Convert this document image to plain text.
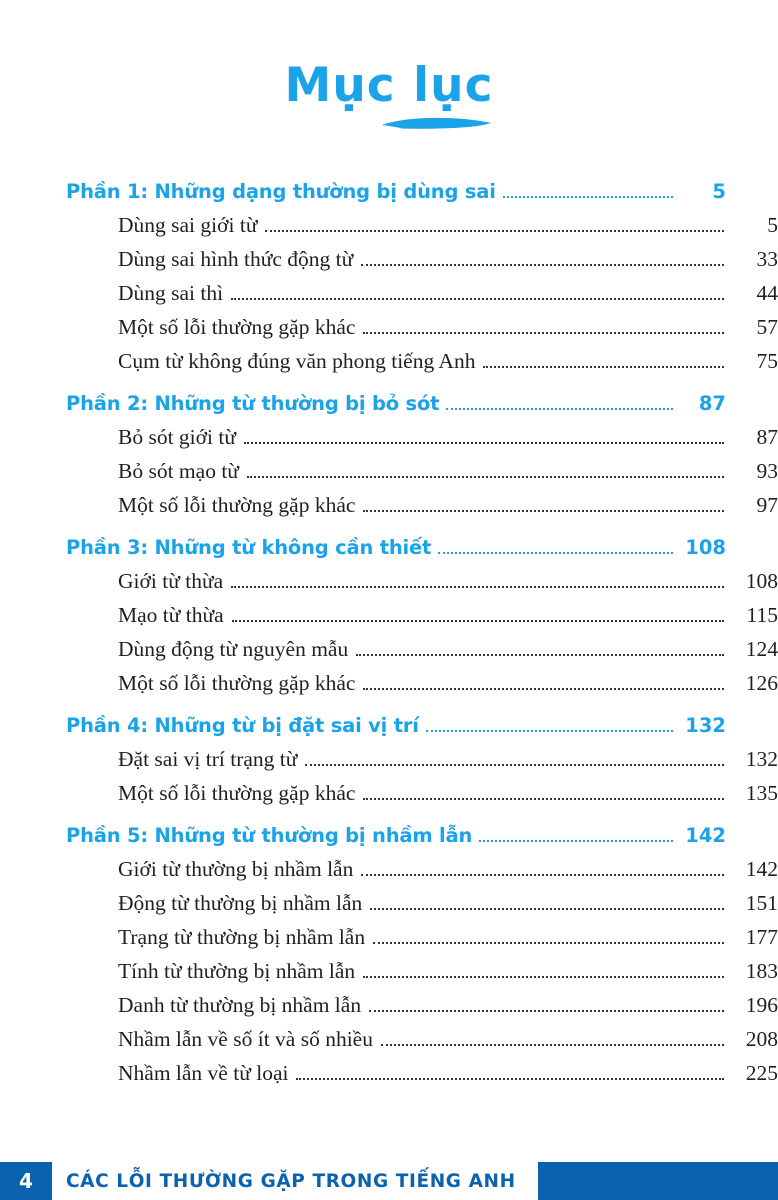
Mục lục
Phần 1: Những dạng thường bị dùng sai	5
Dùng sai giới từ	5
Dùng sai hình thức động từ	33
Dùng sai thì	44
Một số lỗi thường gặp khác	57
Cụm từ không đúng văn phong tiếng Anh	75
Phần 2: Những từ thường bị bỏ sót	87
Bỏ sót giới từ	87
Bỏ sót mạo từ	93
Một số lỗi thường gặp khác	97
Phần 3: Những từ không cần thiết	108
Giới từ thừa	108
Mạo từ thừa	115
Dùng động từ nguyên mẫu	124
Một số lỗi thường gặp khác	126
Phần 4: Những từ bị đặt sai vị trí	132
Đặt sai vị trí trạng từ	132
Một số lỗi thường gặp khác	135
Phần 5: Những từ thường bị nhầm lẫn	142
Giới từ thường bị nhầm lẫn	142
Động từ thường bị nhầm lẫn	151
Trạng từ thường bị nhầm lẫn	177
Tính từ thường bị nhầm lẫn	183
Danh từ thường bị nhầm lẫn	196
Nhầm lẫn về số ít và số nhiều	208
Nhầm lẫn về từ loại	225
4	CÁC LỖI THƯỜNG GẶP TRONG TIẾNG ANH
